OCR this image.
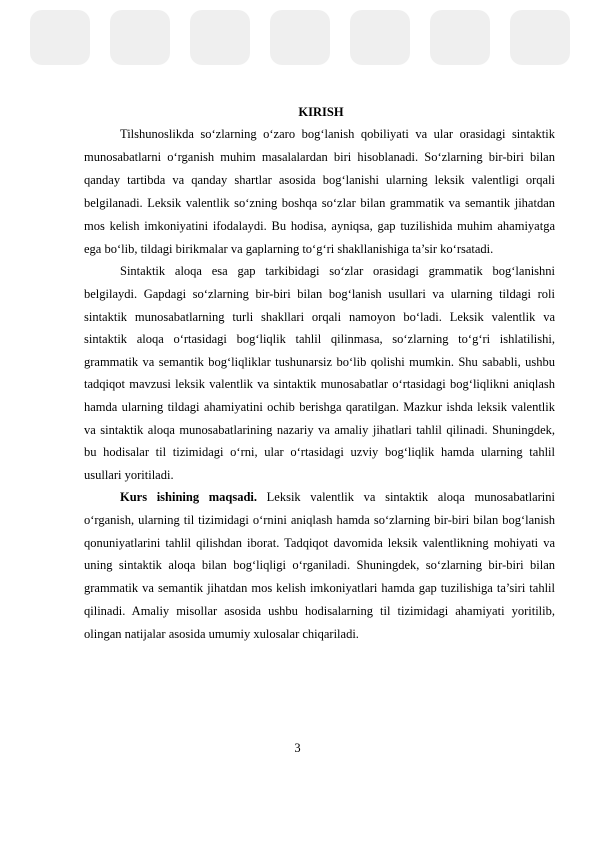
KIRISH

Tilshunoslikda so‘zlarning o‘zaro bog‘lanish qobiliyati va ular orasidagi sintaktik munosabatlarni o‘rganish muhim masalalardan biri hisoblanadi. So‘zlarning bir-biri bilan qanday tartibda va qanday shartlar asosida bog‘lanishi ularning leksik valentligi orqali belgilanadi. Leksik valentlik so‘zning boshqa so‘zlar bilan grammatik va semantik jihatdan mos kelish imkoniyatini ifodalaydi. Bu hodisa, ayniqsa, gap tuzilishida muhim ahamiyatga ega bo‘lib, tildagi birikmalar va gaplarning to‘g‘ri shakllanishiga ta’sir ko‘rsatadi.

Sintaktik aloqa esa gap tarkibidagi so‘zlar orasidagi grammatik bog‘lanishni belgilaydi. Gapdagi so‘zlarning bir-biri bilan bog‘lanish usullari va ularning tildagi roli sintaktik munosabatlarning turli shakllari orqali namoyon bo‘ladi. Leksik valentlik va sintaktik aloqa o‘rtasidagi bog‘liqlik tahlil qilinmasa, so‘zlarning to‘g‘ri ishlatilishi, grammatik va semantik bog‘liqliklar tushunarsiz bo‘lib qolishi mumkin. Shu sababli, ushbu tadqiqot mavzusi leksik valentlik va sintaktik munosabatlar o‘rtasidagi bog‘liqlikni aniqlash hamda ularning tildagi ahamiyatini ochib berishga qaratilgan. Mazkur ishda leksik valentlik va sintaktik aloqa munosabatlarining nazariy va amaliy jihatlari tahlil qilinadi. Shuningdek, bu hodisalar til tizimidagi o‘rni, ular o‘rtasidagi uzviy bog‘liqlik hamda ularning tahlil usullari yoritiladi.

Kurs ishining maqsadi. Leksik valentlik va sintaktik aloqa munosabatlarini o‘rganish, ularning til tizimidagi o‘rnini aniqlash hamda so‘zlarning bir-biri bilan bog‘lanish qonuniyatlarini tahlil qilishdan iborat. Tadqiqot davomida leksik valentlikning mohiyati va uning sintaktik aloqa bilan bog‘liqligi o‘rganiladi. Shuningdek, so‘zlarning bir-biri bilan grammatik va semantik jihatdan mos kelish imkoniyatlari hamda gap tuzilishiga ta’siri tahlil qilinadi. Amaliy misollar asosida ushbu hodisalarning til tizimidagi ahamiyati yoritilib, olingan natijalar asosida umumiy xulosalar chiqariladi.

3
